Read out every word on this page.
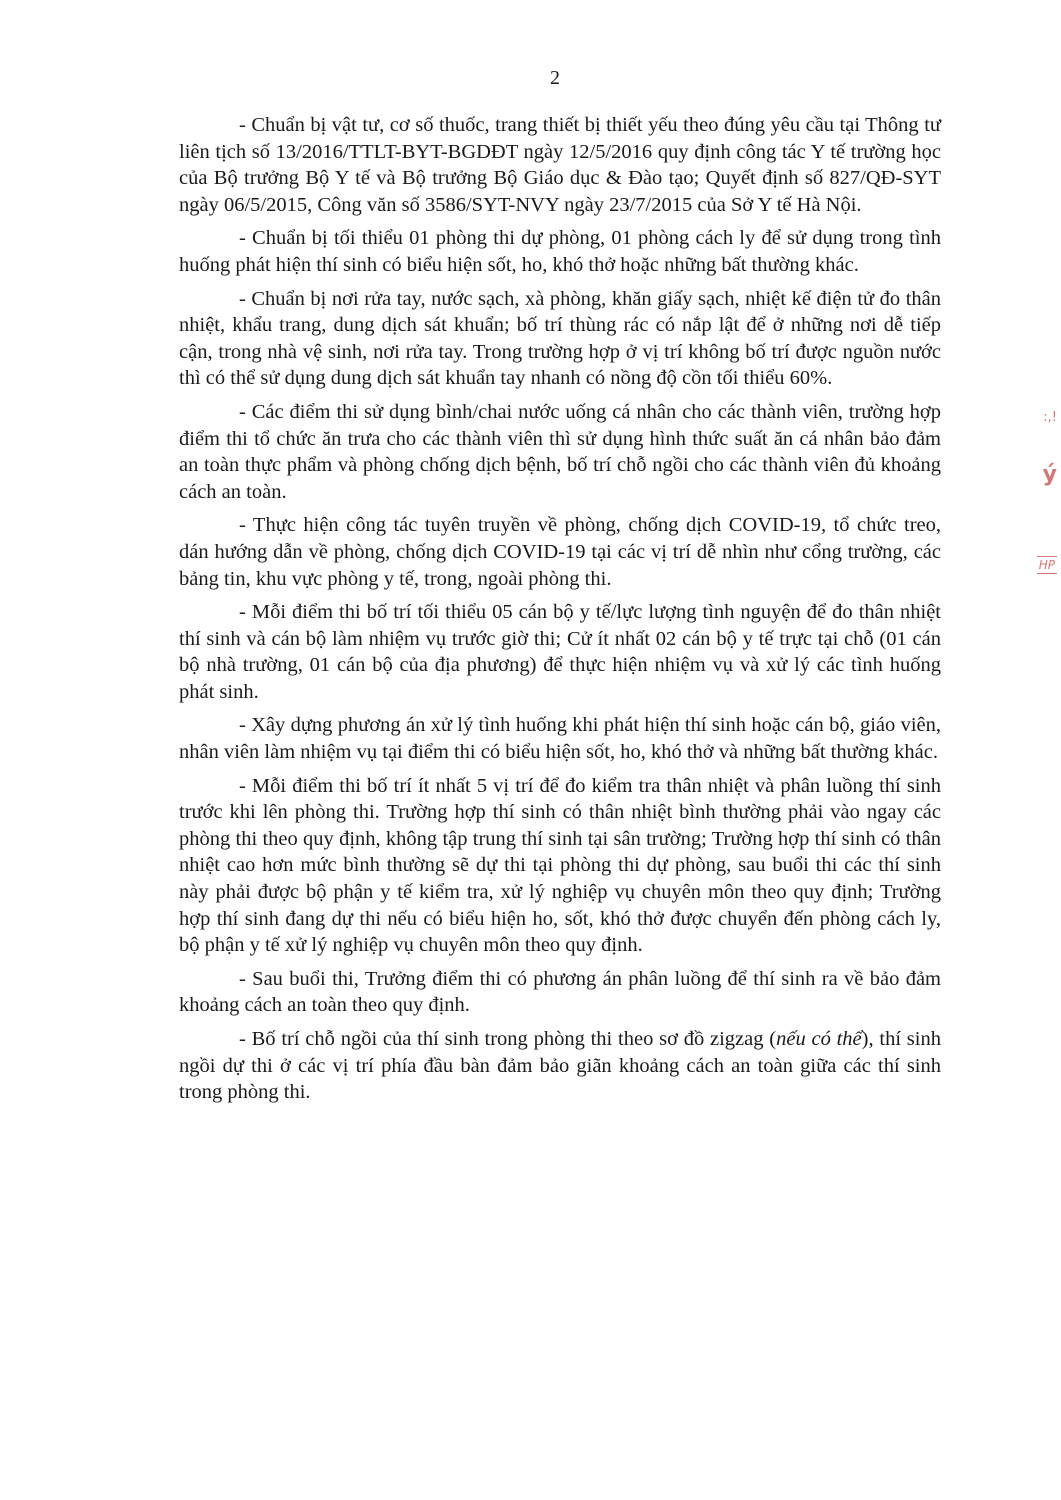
2

- Chuẩn bị vật tư, cơ số thuốc, trang thiết bị thiết yếu theo đúng yêu cầu tại Thông tư liên tịch số 13/2016/TTLT-BYT-BGDĐT ngày 12/5/2016 quy định công tác Y tế trường học của Bộ trưởng Bộ Y tế và Bộ trưởng Bộ Giáo dục & Đào tạo; Quyết định số 827/QĐ-SYT ngày 06/5/2015, Công văn số 3586/SYT-NVY ngày 23/7/2015 của Sở Y tế Hà Nội.

- Chuẩn bị tối thiểu 01 phòng thi dự phòng, 01 phòng cách ly để sử dụng trong tình huống phát hiện thí sinh có biểu hiện sốt, ho, khó thở hoặc những bất thường khác.

- Chuẩn bị nơi rửa tay, nước sạch, xà phòng, khăn giấy sạch, nhiệt kế điện tử đo thân nhiệt, khẩu trang, dung dịch sát khuẩn; bố trí thùng rác có nắp lật để ở những nơi dễ tiếp cận, trong nhà vệ sinh, nơi rửa tay. Trong trường hợp ở vị trí không bố trí được nguồn nước thì có thể sử dụng dung dịch sát khuẩn tay nhanh có nồng độ cồn tối thiểu 60%.

- Các điểm thi sử dụng bình/chai nước uống cá nhân cho các thành viên, trường hợp điểm thi tổ chức ăn trưa cho các thành viên thì sử dụng hình thức suất ăn cá nhân bảo đảm an toàn thực phẩm và phòng chống dịch bệnh, bố trí chỗ ngồi cho các thành viên đủ khoảng cách an toàn.

- Thực hiện công tác tuyên truyền về phòng, chống dịch COVID-19, tổ chức treo, dán hướng dẫn về phòng, chống dịch COVID-19 tại các vị trí dễ nhìn như cổng trường, các bảng tin, khu vực phòng y tế, trong, ngoài phòng thi.

- Mỗi điểm thi bố trí tối thiểu 05 cán bộ y tế/lực lượng tình nguyện để đo thân nhiệt thí sinh và cán bộ làm nhiệm vụ trước giờ thi; Cử ít nhất 02 cán bộ y tế trực tại chỗ (01 cán bộ nhà trường, 01 cán bộ của địa phương) để thực hiện nhiệm vụ và xử lý các tình huống phát sinh.

- Xây dựng phương án xử lý tình huống khi phát hiện thí sinh hoặc cán bộ, giáo viên, nhân viên làm nhiệm vụ tại điểm thi có biểu hiện sốt, ho, khó thở và những bất thường khác.

- Mỗi điểm thi bố trí ít nhất 5 vị trí để đo kiểm tra thân nhiệt và phân luồng thí sinh trước khi lên phòng thi. Trường hợp thí sinh có thân nhiệt bình thường phải vào ngay các phòng thi theo quy định, không tập trung thí sinh tại sân trường; Trường hợp thí sinh có thân nhiệt cao hơn mức bình thường sẽ dự thi tại phòng thi dự phòng, sau buổi thi các thí sinh này phải được bộ phận y tế kiểm tra, xử lý nghiệp vụ chuyên môn theo quy định; Trường hợp thí sinh đang dự thi nếu có biểu hiện ho, sốt, khó thở được chuyển đến phòng cách ly, bộ phận y tế xử lý nghiệp vụ chuyên môn theo quy định.

- Sau buổi thi, Trưởng điểm thi có phương án phân luồng để thí sinh ra về bảo đảm khoảng cách an toàn theo quy định.

- Bố trí chỗ ngồi của thí sinh trong phòng thi theo sơ đồ zigzag (nếu có thể), thí sinh ngồi dự thi ở các vị trí phía đầu bàn đảm bảo giãn khoảng cách an toàn giữa các thí sinh trong phòng thi.

:,!
ý
HP
